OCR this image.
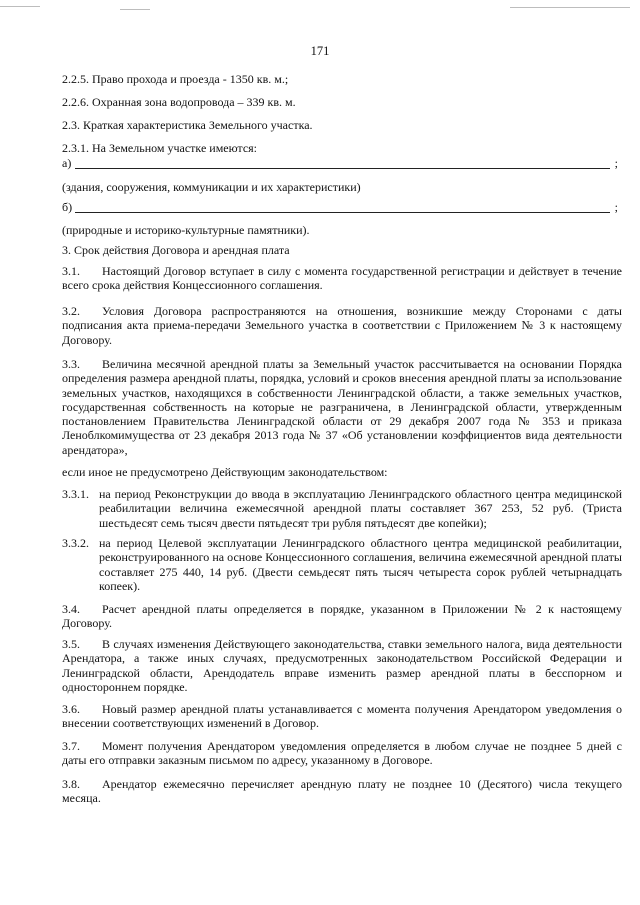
171
2.2.5. Право прохода и проезда - 1350 кв. м.;
2.2.6. Охранная зона водопровода – 339 кв. м.
2.3. Краткая характеристика Земельного участка.
2.3.1. На Земельном участке имеются:
а)	;
(здания, сооружения, коммуникации и их характеристики)
б)	;
(природные и историко-культурные памятники).
3. Срок действия Договора и арендная плата
3.1. Настоящий Договор вступает в силу с момента государственной регистрации и действует в течение всего срока действия Концессионного соглашения.
3.2. Условия Договора распространяются на отношения, возникшие между Сторонами с даты подписания акта приема-передачи Земельного участка в соответствии с Приложением № 3 к настоящему Договору.
3.3. Величина месячной арендной платы за Земельный участок рассчитывается на основании Порядка определения размера арендной платы, порядка, условий и сроков внесения арендной платы за использование земельных участков, находящихся в собственности Ленинградской области, а также земельных участков, государственная собственность на которые не разграничена, в Ленинградской области, утвержденным постановлением Правительства Ленинградской области от 29 декабря 2007 года № 353 и приказа Леноблкомимущества от 23 декабря 2013 года № 37 «Об установлении коэффициентов вида деятельности арендатора»,
если иное не предусмотрено Действующим законодательством:
3.3.1. на период Реконструкции до ввода в эксплуатацию Ленинградского областного центра медицинской реабилитации величина ежемесячной арендной платы составляет 367 253, 52 руб. (Триста шестьдесят семь тысяч двести пятьдесят три рубля пятьдесят две копейки);
3.3.2. на период Целевой эксплуатации Ленинградского областного центра медицинской реабилитации, реконструированного на основе Концессионного соглашения, величина ежемесячной арендной платы составляет 275 440, 14 руб. (Двести семьдесят пять тысяч четыреста сорок рублей четырнадцать копеек).
3.4. Расчет арендной платы определяется в порядке, указанном в Приложении № 2 к настоящему Договору.
3.5. В случаях изменения Действующего законодательства, ставки земельного налога, вида деятельности Арендатора, а также иных случаях, предусмотренных законодательством Российской Федерации и Ленинградской области, Арендодатель вправе изменить размер арендной платы в бесспорном и одностороннем порядке.
3.6. Новый размер арендной платы устанавливается с момента получения Арендатором уведомления о внесении соответствующих изменений в Договор.
3.7. Момент получения Арендатором уведомления определяется в любом случае не позднее 5 дней с даты его отправки заказным письмом по адресу, указанному в Договоре.
3.8. Арендатор ежемесячно перечисляет арендную плату не позднее 10 (Десятого) числа текущего месяца.
